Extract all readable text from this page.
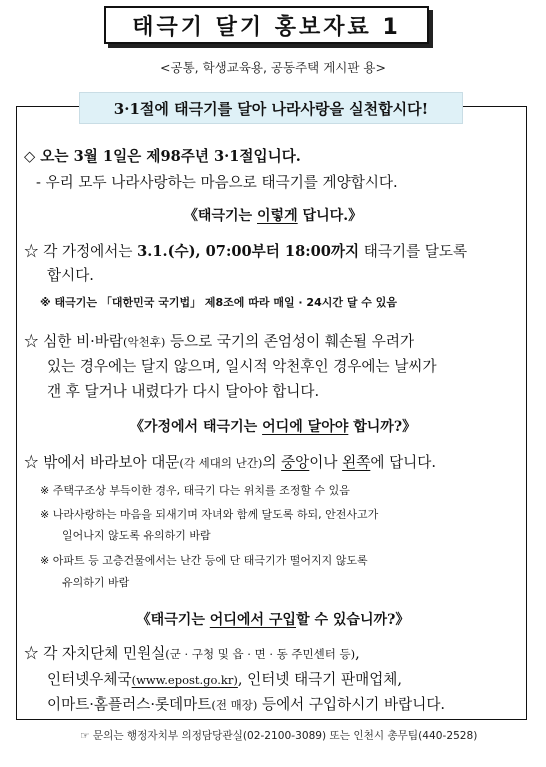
태극기 달기 홍보자료 1
<공통, 학생교육용, 공동주택 게시판 용>
3·1절에 태극기를 달아 나라사랑을 실천합시다!
◇ 오는 3월 1일은 제98주년 3·1절입니다.
- 우리 모두 나라사랑하는 마음으로 태극기를 게양합시다.
《태극기는 이렇게 답니다.》
☆ 각 가정에서는 3.1.(수), 07:00부터 18:00까지 태극기를 달도록
합시다.
※ 태극기는 「대한민국 국기법」 제8조에 따라 매일 · 24시간 달 수 있음
☆ 심한 비·바람(악천후) 등으로 국기의 존엄성이 훼손될 우려가
있는 경우에는 달지 않으며, 일시적 악천후인 경우에는 날씨가
갠 후 달거나 내렸다가 다시 달아야 합니다.
《가정에서 태극기는 어디에 달아야 합니까?》
☆ 밖에서 바라보아 대문(각 세대의 난간)의 중앙이나 왼쪽에 답니다.
※ 주택구조상 부득이한 경우, 태극기 다는 위치를 조정할 수 있음
※ 나라사랑하는 마음을 되새기며 자녀와 함께 달도록 하되, 안전사고가
일어나지 않도록 유의하기 바람
※ 아파트 등 고층건물에서는 난간 등에 단 태극기가 떨어지지 않도록
유의하기 바람
《태극기는 어디에서 구입할 수 있습니까?》
☆ 각 자치단체 민원실(군 · 구청 및 읍 · 면 · 동 주민센터 등),
인터넷우체국(www.epost.go.kr), 인터넷 태극기 판매업체,
이마트·홈플러스·롯데마트(전 매장) 등에서 구입하시기 바랍니다.
☞ 문의는 행정자치부 의정담당관실(02-2100-3089) 또는 인천시 총무팀(440-2528)
